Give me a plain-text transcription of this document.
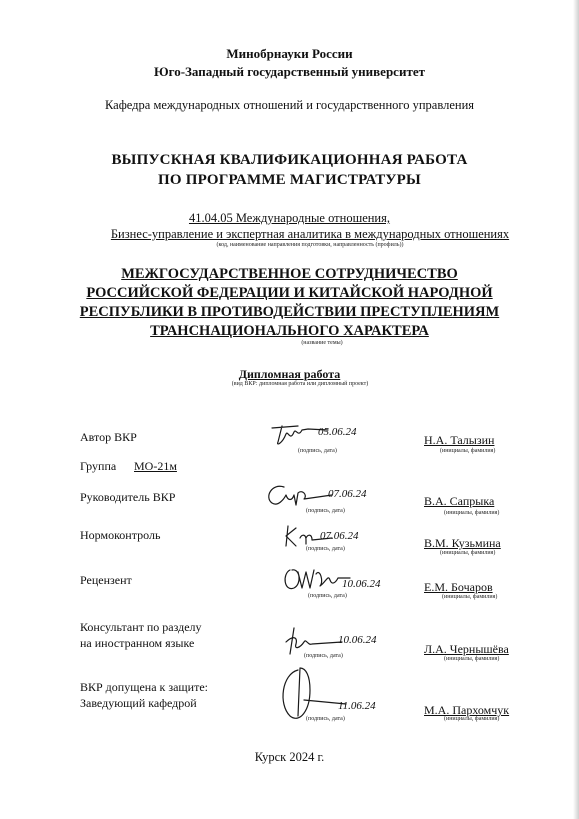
Минобрнауки России
Юго-Западный государственный университет
Кафедра международных отношений и государственного управления
ВЫПУСКНАЯ КВАЛИФИКАЦИОННАЯ РАБОТА
ПО ПРОГРАММЕ МАГИСТРАТУРЫ
41.04.05 Международные отношения,
Бизнес-управление и экспертная аналитика в международных отношениях
(код, наименование направления подготовки, направленность (профиль))
МЕЖГОСУДАРСТВЕННОЕ СОТРУДНИЧЕСТВО
РОССИЙСКОЙ ФЕДЕРАЦИИ И КИТАЙСКОЙ НАРОДНОЙ
РЕСПУБЛИКИ В ПРОТИВОДЕЙСТВИИ ПРЕСТУПЛЕНИЯМ
ТРАНСНАЦИОНАЛЬНОГО ХАРАКТЕРА
(название темы)
Дипломная работа
(вид ВКР: дипломная работа или дипломный проект)
Автор ВКР	05.06.24
(подпись, дата)
Н.А. Талызин
(инициалы, фамилия)
Группа МО-21м
Руководитель ВКР	07.06.24
(подпись, дата)
В.А. Сапрыка
(инициалы, фамилия)
Нормоконтроль	07.06.24
(подпись, дата)	В.М. Кузьмина
(инициалы, фамилия)
Рецензент	10.06.24
(подпись, дата)
Е.М. Бочаров
(инициалы, фамилия)
Консультант по разделу
на иностранном языке	10.06.24
(подпись, дата)	Л.А. Чернышёва
(инициалы, фамилия)
ВКР допущена к защите:
Заведующий кафедрой	11.06.24
(подпись, дата)
М.А. Пархомчук
(инициалы, фамилия)
Курск 2024 г.
